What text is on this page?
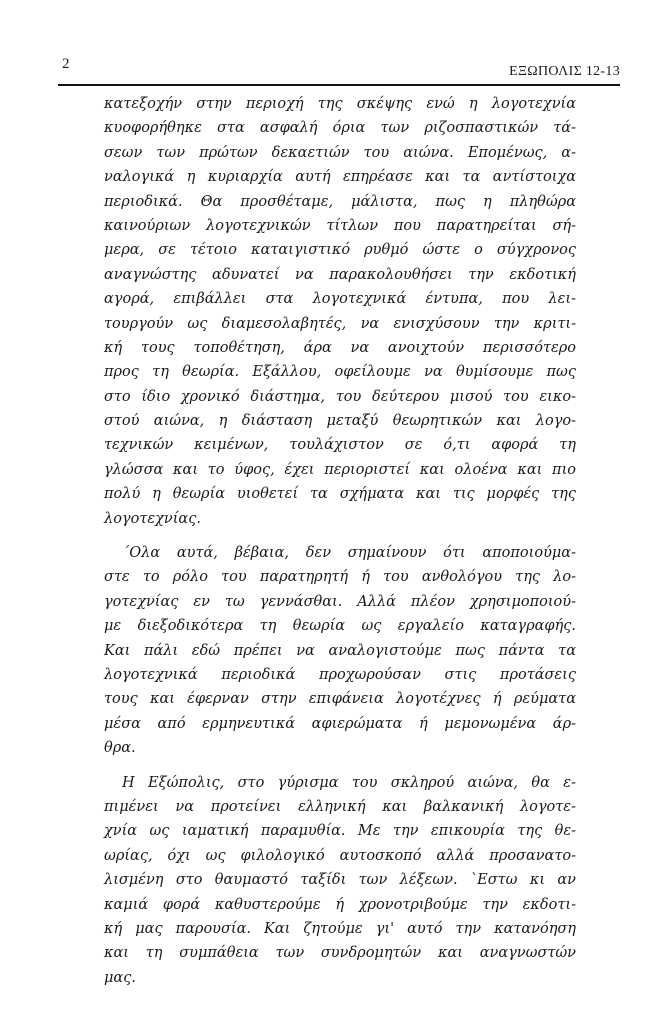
2	ΕΞΩΠΟΛΙΣ 12-13
κατεξοχήν στην περιοχή της σκέψης ενώ η λογοτεχνία
κυοφορήθηκε στα ασφαλή όρια των ριζοσπαστικών τά-
σεων των πρώτων δεκαετιών του αιώνα. Επομένως, α-
ναλογικά η κυριαρχία αυτή επηρέασε και τα αντίστοιχα
περιοδικά. Θα προσθέταμε, μάλιστα, πως η πληθώρα
καινούριων λογοτεχνικών τίτλων που παρατηρείται σή-
μερα, σε τέτοιο καταιγιστικό ρυθμό ώστε ο σύγχρονος
αναγνώστης αδυνατεί να παρακολουθήσει την εκδοτική
αγορά, επιβάλλει στα λογοτεχνικά έντυπα, που λει-
τουργούν ως διαμεσολαβητές, να ενισχύσουν την κριτι-
κή τους τοποθέτηση, άρα να ανοιχτούν περισσότερο
προς τη θεωρία. Εξάλλου, οφείλουμε να θυμίσουμε πως
στο ίδιο χρονικό διάστημα, του δεύτερου μισού του εικο-
στού αιώνα, η διάσταση μεταξύ θεωρητικών και λογο-
τεχνικών κειμένων, τουλάχιστον σε ό,τι αφορά τη
γλώσσα και το ύφος, έχει περιοριστεί και ολοένα και πιο
πολύ η θεωρία υιοθετεί τα σχήματα και τις μορφές της
λογοτεχνίας.
΄Ολα αυτά, βέβαια, δεν σημαίνουν ότι αποποιούμα-
στε το ρόλο του παρατηρητή ή του ανθολόγου της λο-
γοτεχνίας εν τω γεννάσθαι. Αλλά πλέον χρησιμοποιού-
με διεξοδικότερα τη θεωρία ως εργαλείο καταγραφής.
Και πάλι εδώ πρέπει να αναλογιστούμε πως πάντα τα
λογοτεχνικά περιοδικά προχωρούσαν στις προτάσεις
τους και έφερναν στην επιφάνεια λογοτέχνες ή ρεύματα
μέσα από ερμηνευτικά αφιερώματα ή μεμονωμένα άρ-
θρα.
Η Εξώπολις, στο γύρισμα του σκληρού αιώνα, θα ε-
πιμένει να προτείνει ελληνική και βαλκανική λογοτε-
χνία ως ιαματική παραμυθία. Με την επικουρία της θε-
ωρίας, όχι ως φιλολογικό αυτοσκοπό αλλά προσανατο-
λισμένη στο θαυμαστό ταξίδι των λέξεων. `Εστω κι αν
καμιά φορά καθυστερούμε ή χρονοτριβούμε την εκδοτι-
κή μας παρουσία. Και ζητούμε γι' αυτό την κατανόηση
και τη συμπάθεια των συνδρομητών και αναγνωστών
μας.
